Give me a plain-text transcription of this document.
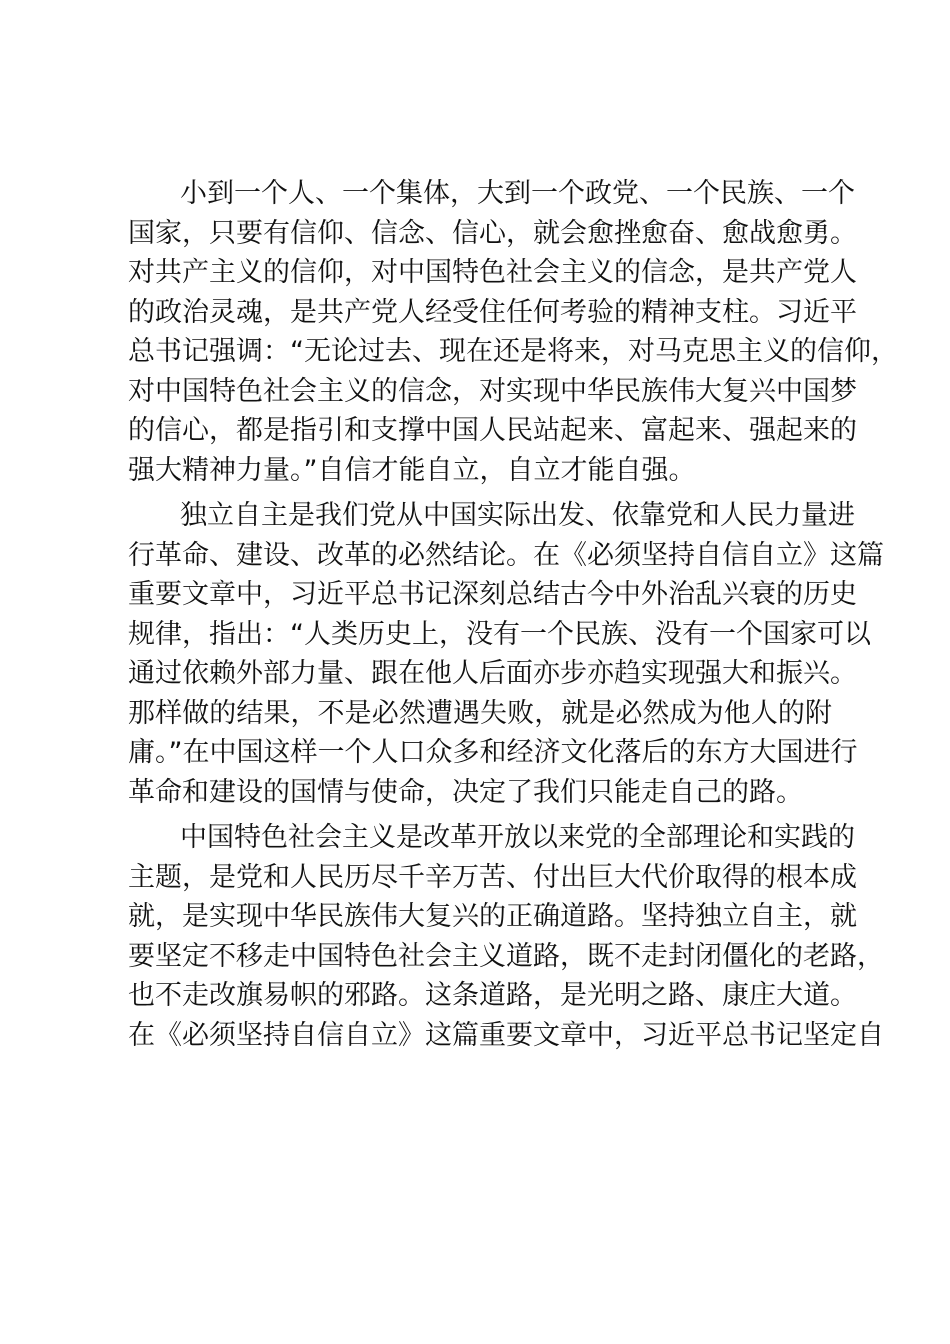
小到一个人、一个集体，大到一个政党、一个民族、一个
国家，只要有信仰、信念、信心，就会愈挫愈奋、愈战愈勇。
对共产主义的信仰，对中国特色社会主义的信念，是共产党人
的政治灵魂，是共产党人经受住任何考验的精神支柱。习近平
总书记强调：“无论过去、现在还是将来，对马克思主义的信仰，
对中国特色社会主义的信念，对实现中华民族伟大复兴中国梦
的信心，都是指引和支撑中国人民站起来、富起来、强起来的
强大精神力量。”自信才能自立，自立才能自强。
独立自主是我们党从中国实际出发、依靠党和人民力量进
行革命、建设、改革的必然结论。在《必须坚持自信自立》这篇
重要文章中，习近平总书记深刻总结古今中外治乱兴衰的历史
规律，指出：“人类历史上，没有一个民族、没有一个国家可以
通过依赖外部力量、跟在他人后面亦步亦趋实现强大和振兴。
那样做的结果，不是必然遭遇失败，就是必然成为他人的附
庸。”在中国这样一个人口众多和经济文化落后的东方大国进行
革命和建设的国情与使命，决定了我们只能走自己的路。
中国特色社会主义是改革开放以来党的全部理论和实践的
主题，是党和人民历尽千辛万苦、付出巨大代价取得的根本成
就，是实现中华民族伟大复兴的正确道路。坚持独立自主，就
要坚定不移走中国特色社会主义道路，既不走封闭僵化的老路，
也不走改旗易帜的邪路。这条道路，是光明之路、康庄大道。
在《必须坚持自信自立》这篇重要文章中，习近平总书记坚定自
